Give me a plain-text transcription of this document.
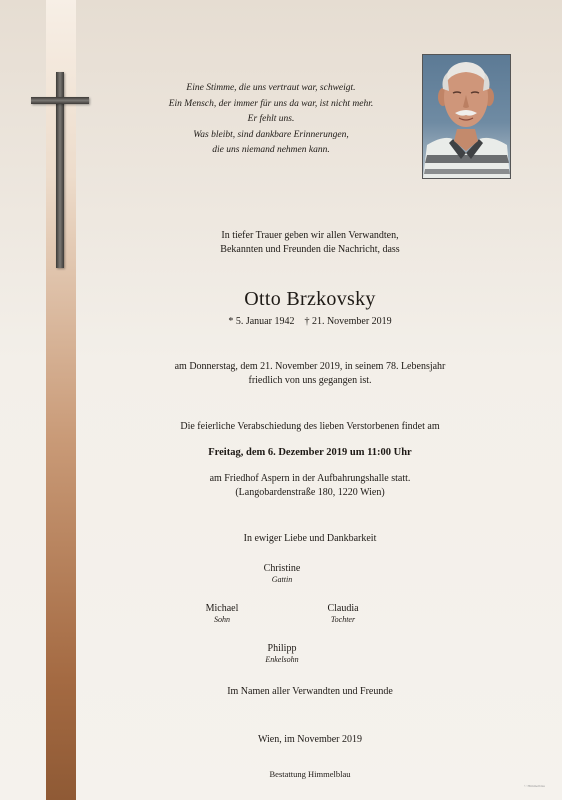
Eine Stimme, die uns vertraut war, schweigt.
Ein Mensch, der immer für uns da war, ist nicht mehr.
Er fehlt uns.
Was bleibt, sind dankbare Erinnerungen,
die uns niemand nehmen kann.
In tiefer Trauer geben wir allen Verwandten,
Bekannten und Freunden die Nachricht, dass
Otto Brzkovsky
* 5. Januar 1942    † 21. November 2019
am Donnerstag, dem 21. November 2019, in seinem 78. Lebensjahr
friedlich von uns gegangen ist.
Die feierliche Verabschiedung des lieben Verstorbenen findet am
Freitag, dem 6. Dezember 2019 um 11:00 Uhr
am Friedhof Aspern in der Aufbahrungshalle statt.
(Langobardenstraße 180, 1220 Wien)
In ewiger Liebe und Dankbarkeit
Christine
Gattin
Michael
Sohn
Claudia
Tochter
Philipp
Enkelsohn
Im Namen aller Verwandten und Freunde
Wien, im November 2019
Bestattung Himmelblau
© Himmelblau
